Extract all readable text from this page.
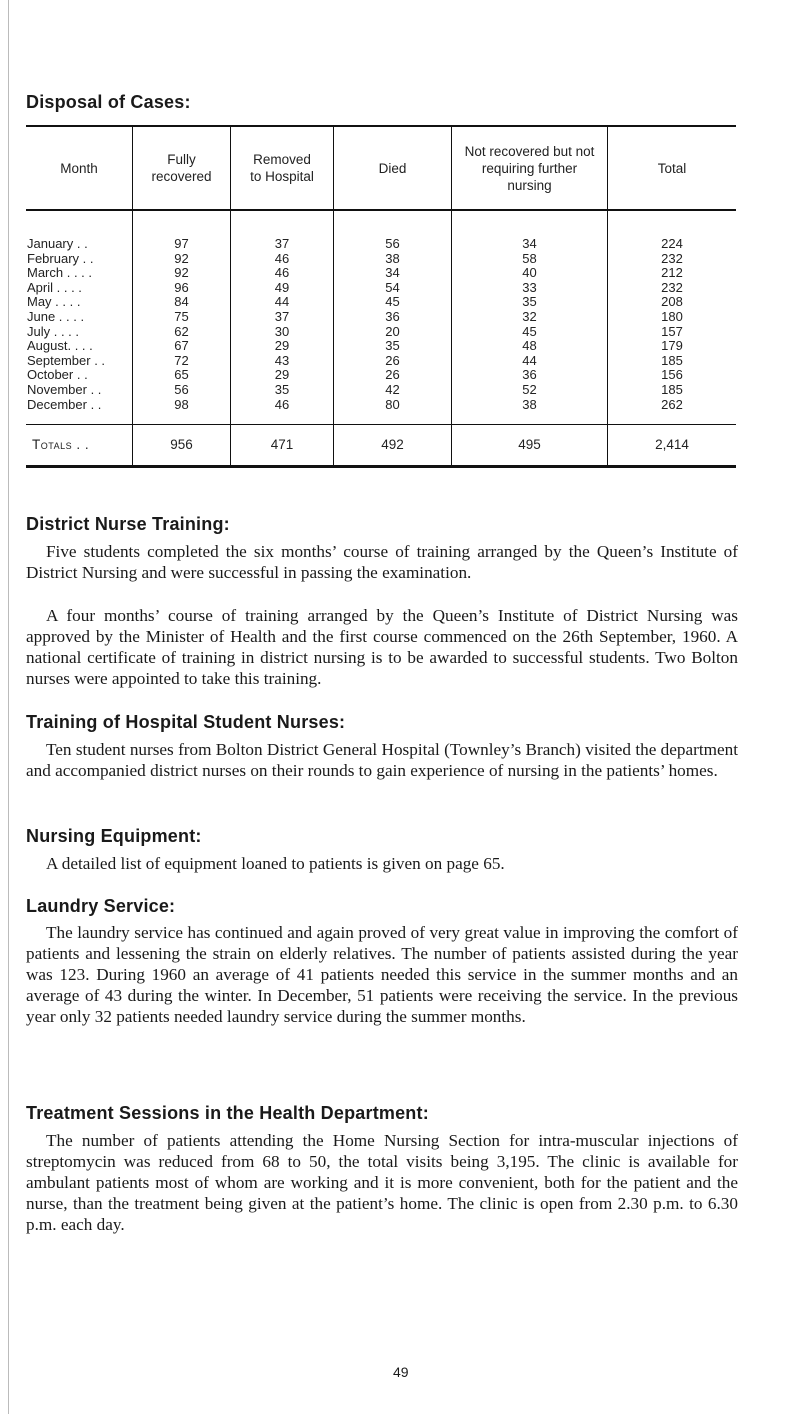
Disposal of Cases:
Month	Fully recovered	Removed to Hospital	Died	Not recovered but not requiring further nursing	Total
January . .	97	37	56	34	224
February . .	92	46	38	58	232
March . . . .	92	46	34	40	212
April . . . .	96	49	54	33	232
May . . . .	84	44	45	35	208
June . . . .	75	37	36	32	180
July . . . .	62	30	20	45	157
August. . . .	67	29	35	48	179
September . .	72	43	26	44	185
October . .	65	29	26	36	156
November . .	56	35	42	52	185
December . .	98	46	80	38	262
Totals . .	956	471	492	495	2,414
District Nurse Training:

Five students completed the six months’ course of training arranged by the Queen’s Institute of District Nursing and were successful in passing the examination.

A four months’ course of training arranged by the Queen’s Institute of District Nursing was approved by the Minister of Health and the first course commenced on the 26th September, 1960. A national certificate of training in district nursing is to be awarded to successful students. Two Bolton nurses were appointed to take this training.

Training of Hospital Student Nurses:

Ten student nurses from Bolton District General Hospital (Townley’s Branch) visited the department and accompanied district nurses on their rounds to gain experience of nursing in the patients’ homes.

Nursing Equipment:

A detailed list of equipment loaned to patients is given on page 65.

Laundry Service:

The laundry service has continued and again proved of very great value in improving the comfort of patients and lessening the strain on elderly relatives. The number of patients assisted during the year was 123. During 1960 an average of 41 patients needed this service in the summer months and an average of 43 during the winter. In December, 51 patients were receiving the service. In the previous year only 32 patients needed laundry service during the summer months.

Treatment Sessions in the Health Department:

The number of patients attending the Home Nursing Section for intra-muscular injections of streptomycin was reduced from 68 to 50, the total visits being 3,195. The clinic is available for ambulant patients most of whom are working and it is more convenient, both for the patient and the nurse, than the treatment being given at the patient’s home. The clinic is open from 2.30 p.m. to 6.30 p.m. each day.

49
